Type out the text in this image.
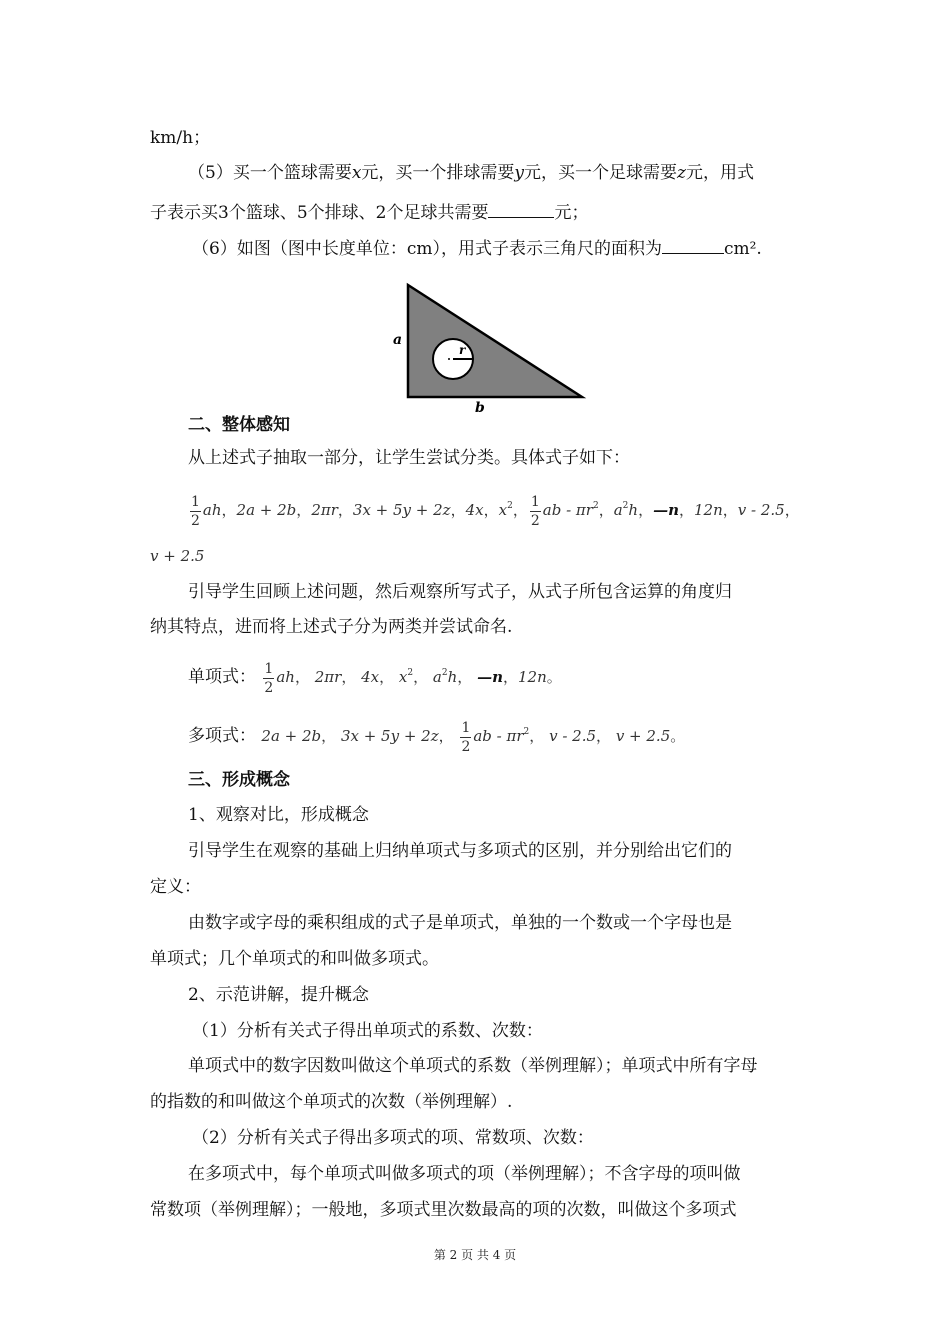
km/h；
（5）买一个篮球需要x元，买一个排球需要y元，买一个足球需要z元，用式
子表示买3个篮球、5个排球、2个足球共需要	元；
（6）如图（图中长度单位：cm），用式子表示三角尺的面积为	cm².
r
a
b
二、整体感知
从上述式子抽取一部分，让学生尝试分类。具体式子如下：
$\frac{1}{2}$ ah，2a + 2b，2πr，3x + 5y + 2z，4x，$x^2$， $\frac{1}{2}$ ab - $\pi r^2$，$a^2h$，—n，12n，v - 2.5，
v + 2.5
引导学生回顾上述问题，然后观察所写式子，从式子所包含运算的角度归
纳其特点，进而将上述式子分为两类并尝试命名.
单项式： $\frac{1}{2}$ ah， 2πr， 4x， $x^2$， $a^2h$， —n，12n。
多项式： 2a + 2b， 3x + 5y + 2z， $\frac{1}{2}$ ab - $\pi r^2$， v - 2.5， v + 2.5。
三、形成概念
1、观察对比，形成概念
引导学生在观察的基础上归纳单项式与多项式的区别，并分别给出它们的
定义：
由数字或字母的乘积组成的式子是单项式，单独的一个数或一个字母也是
单项式；几个单项式的和叫做多项式。
2、示范讲解，提升概念
（1）分析有关式子得出单项式的系数、次数：
单项式中的数字因数叫做这个单项式的系数（举例理解）；单项式中所有字母
的指数的和叫做这个单项式的次数（举例理解）.
（2）分析有关式子得出多项式的项、常数项、次数：
在多项式中，每个单项式叫做多项式的项（举例理解）；不含字母的项叫做
常数项（举例理解）；一般地，多项式里次数最高的项的次数，叫做这个多项式
第 2 页 共 4 页
